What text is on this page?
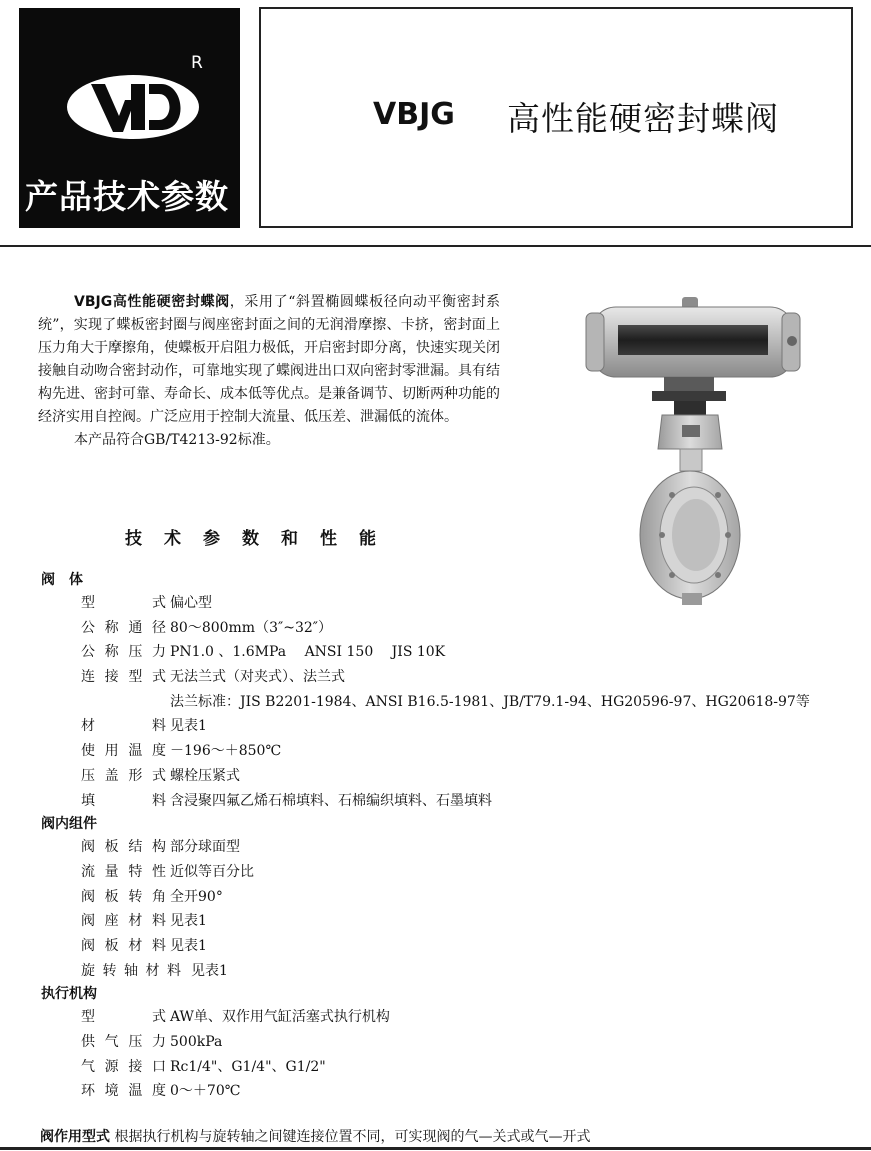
R
产品技术参数
VBJG 高性能硬密封蝶阀

VBJG高性能硬密封蝶阀，采用了“斜置椭圆蝶板径向动平衡密封系统”，实现了蝶板密封圈与阀座密封面之间的无润滑摩擦、卡挤，密封面上压力角大于摩擦角，使蝶板开启阻力极低，开启密封即分离，快速实现关闭接触自动吻合密封动作，可靠地实现了蝶阀进出口双向密封零泄漏。具有结构先进、密封可靠、寿命长、成本低等优点。是兼备调节、切断两种功能的经济实用自控阀。广泛应用于控制大流量、低压差、泄漏低的流体。

本产品符合GB/T4213-92标准。

技术参数和性能
阀体
型式 偏心型
公称通径 80～800mm（3″~32″）
公称压力 PN1.0 、1.6MPa　 ANSI 150　 JIS 10K
连接型式 无法兰式（对夹式）、法兰式
法兰标准：JIS B2201-1984、ANSI B16.5-1981、JB/T79.1-94、HG20596-97、HG20618-97等
材料 见表1
使用温度 －196～＋850℃
压盖形式 螺栓压紧式
填料 含浸聚四氟乙烯石棉填料、石棉编织填料、石墨填料
阀内组件
阀板结构 部分球面型
流量特性 近似等百分比
阀板转角 全开90°
阀座材料 见表1
阀板材料 见表1
旋转轴材料 见表1
执行机构
型式 AW单、双作用气缸活塞式执行机构
供气压力 500kPa
气源接口 Rc1/4"、G1/4"、G1/2"
环境温度 0～＋70℃
阀作用型式 根据执行机构与旋转轴之间键连接位置不同，可实现阀的气—关式或气—开式
